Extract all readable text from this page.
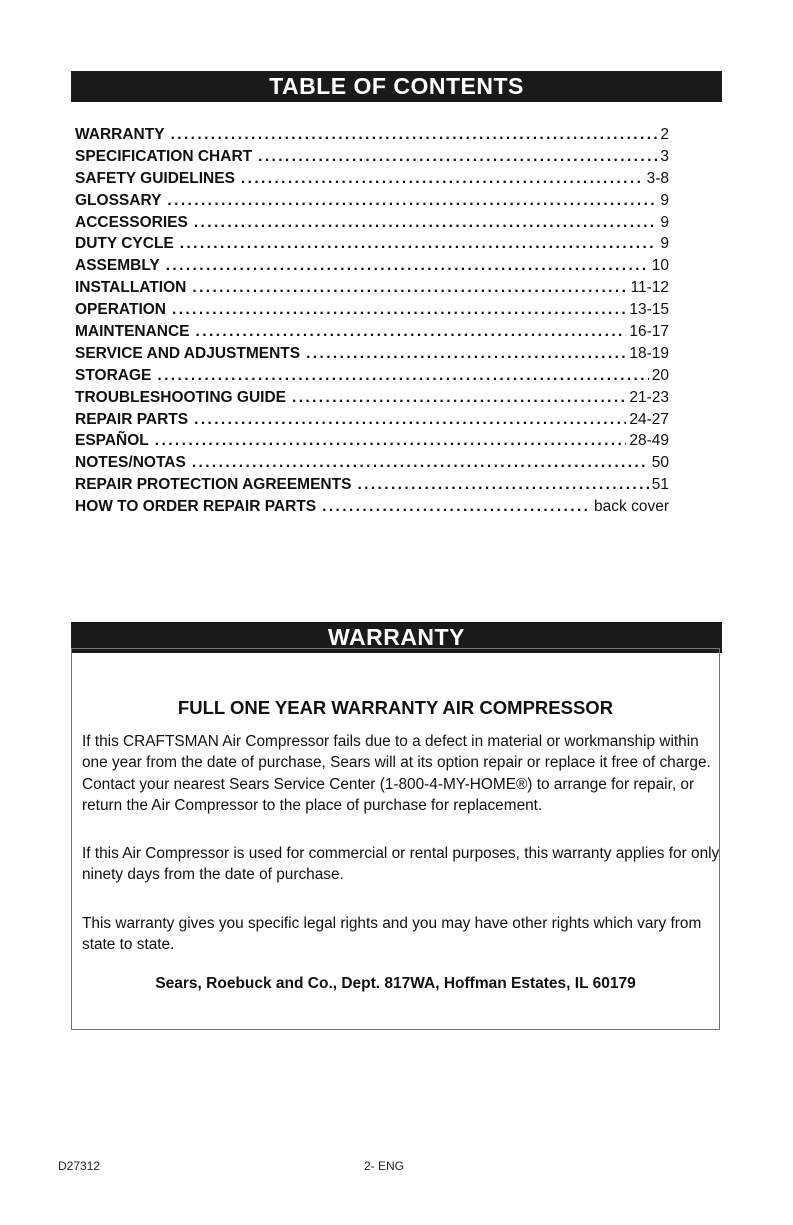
TABLE OF CONTENTS
WARRANTY .....	2
SPECIFICATION CHART .....	3
SAFETY GUIDELINES .....	3-8
GLOSSARY .....	9
ACCESSORIES .....	9
DUTY CYCLE .....	9
ASSEMBLY .....	10
INSTALLATION .....	11-12
OPERATION .....	13-15
MAINTENANCE .....	16-17
SERVICE AND ADJUSTMENTS .....	18-19
STORAGE .....	20
TROUBLESHOOTING GUIDE .....	21-23
REPAIR PARTS .....	24-27
ESPAÑOL .....	28-49
NOTES/NOTAS .....	50
REPAIR PROTECTION AGREEMENTS .....	51
HOW TO ORDER REPAIR PARTS .....	back cover
WARRANTY

FULL ONE YEAR WARRANTY AIR COMPRESSOR

If this CRAFTSMAN Air Compressor fails due to a defect in material or workmanship within one year from the date of purchase, Sears will at its option repair or replace it free of charge. Contact your nearest Sears Service Center (1-800-4-MY-HOME®) to arrange for repair, or return the Air Compressor to the place of purchase for replacement.

If this Air Compressor is used for commercial or rental purposes, this warranty applies for only ninety days from the date of purchase.

This warranty gives you specific legal rights and you may have other rights which vary from state to state.

Sears, Roebuck and Co., Dept. 817WA, Hoffman Estates, IL 60179

D27312	2- ENG
